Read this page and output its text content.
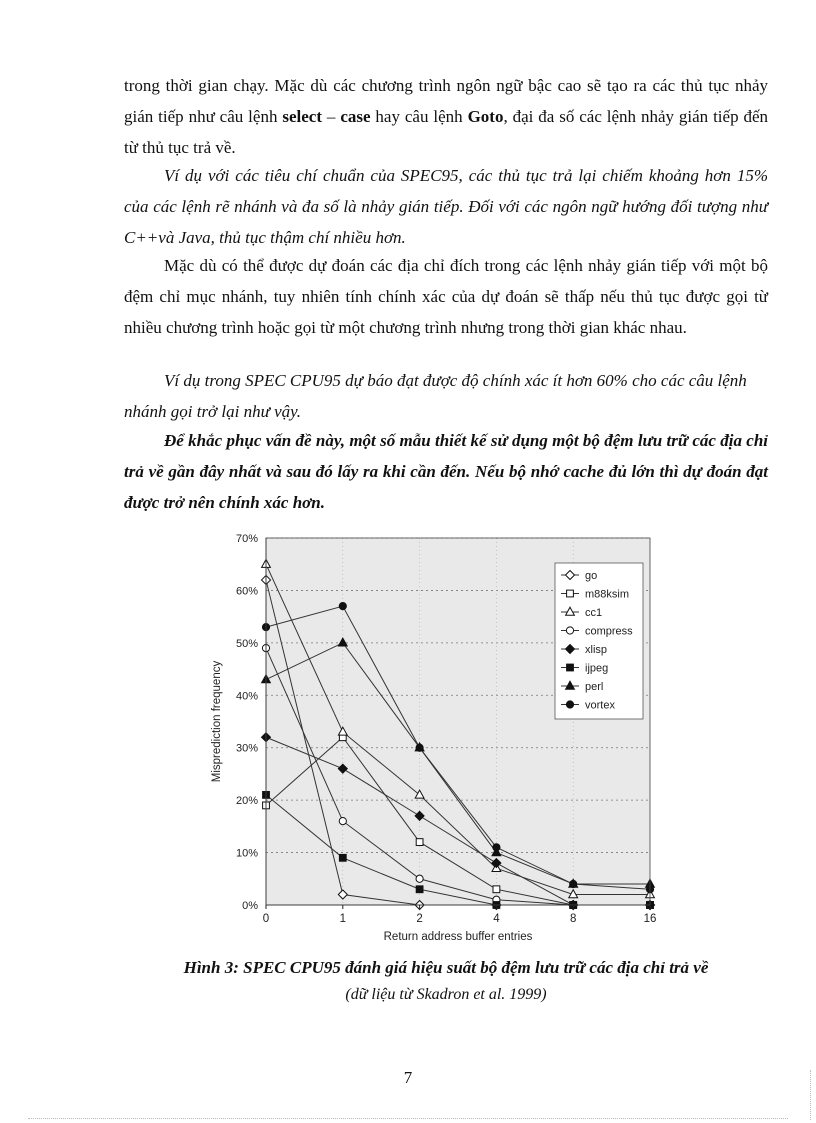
trong thời gian chạy. Mặc dù các chương trình ngôn ngữ bậc cao sẽ tạo ra các thủ tục nhảy gián tiếp như câu lệnh select – case hay câu lệnh Goto, đại đa số các lệnh nhảy gián tiếp đến từ thủ tục trả về.

Ví dụ với các tiêu chí chuẩn của SPEC95, các thủ tục trả lại chiếm khoảng hơn 15% của các lệnh rẽ nhánh và đa số là nhảy gián tiếp. Đối với các ngôn ngữ hướng đối tượng như C++và Java, thủ tục thậm chí nhiều hơn.

Mặc dù có thể được dự đoán các địa chỉ đích trong các lệnh nhảy gián tiếp với một bộ đệm chỉ mục nhánh, tuy nhiên tính chính xác của dự đoán sẽ thấp nếu thủ tục được gọi từ nhiều chương trình hoặc gọi từ một chương trình nhưng trong thời gian khác nhau.

Ví dụ trong SPEC CPU95 dự báo đạt được độ chính xác ít hơn 60% cho các câu lệnh nhánh gọi trở lại như vậy.

Để khắc phục vấn đề này, một số mẫu thiết kế sử dụng một bộ đệm lưu trữ các địa chỉ trả về gần đây nhất và sau đó lấy ra khi cần đến. Nếu bộ nhớ cache đủ lớn thì dự đoán đạt được trở nên chính xác hơn.

0%
10%
20%
30%
40%
50%
60%
70%
0	1	2	4	8	16
Return address buffer entries
Misprediction frequency
go
m88ksim
cc1
compress
xlisp
ijpeg
perl
vortex

Hình 3: SPEC CPU95 đánh giá hiệu suất bộ đệm lưu trữ các địa chỉ trả về

(dữ liệu từ Skadron et al. 1999)

7
